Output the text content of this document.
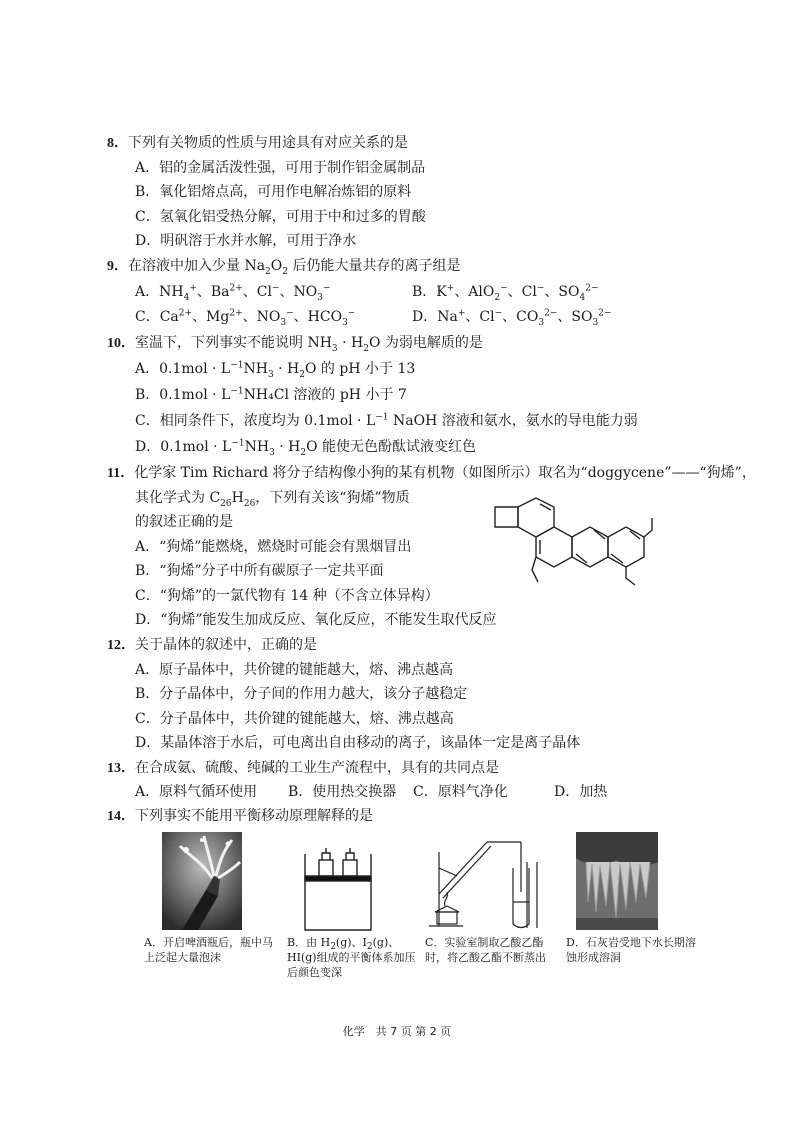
8．下列有关物质的性质与用途具有对应关系的是
A．铝的金属活泼性强，可用于制作铝金属制品
B．氧化铝熔点高，可用作电解冶炼铝的原料
C．氢氧化铝受热分解，可用于中和过多的胃酸
D．明矾溶于水并水解，可用于净水
9．在溶液中加入少量 $Na_2O_2$ 后仍能大量共存的离子组是
A．$NH_4^+$、$Ba^{2+}$、Cl−、$NO_3^-$	B．K+、AlO$_2$−、Cl−、$SO_4^{2-}$
C．$Ca^{2+}$、$Mg^{2+}$、$NO_3^-$、$HCO_3^-$	D．Na+、Cl−、$CO_3^{2-}$、$SO_3^{2-}$
10．室温下，下列事实不能说明 $NH_3 \cdot H_2O$ 为弱电解质的是
A．$0.1mol \cdot L^{-1}NH_3 \cdot H_2O$ 的 pH 小于 13
B．$0.1mol \cdot L^{-1}NH_4Cl$ 溶液的 pH 小于 7
C．相同条件下，浓度均为 $0.1mol \cdot L^{-1}$ NaOH 溶液和氨水，氨水的导电能力弱
D．$0.1mol \cdot L^{-1}NH_3 \cdot H_2O$ 能使无色酚酞试液变红色
11．化学家 Tim Richard 将分子结构像小狗的某有机物（如图所示）取名为“doggycene”——“狗烯”，
其化学式为 $C_{26}H_{26}$，下列有关该“狗烯”物质
的叙述正确的是
A．“狗烯”能燃烧，燃烧时可能会有黑烟冒出
B．“狗烯”分子中所有碳原子一定共平面
C．“狗烯”的一氯代物有 14 种（不含立体异构）
D．“狗烯”能发生加成反应、氧化反应，不能发生取代反应
12．关于晶体的叙述中，正确的是
A．原子晶体中，共价键的键能越大，熔、沸点越高
B．分子晶体中，分子间的作用力越大，该分子越稳定
C．分子晶体中，共价键的键能越大，熔、沸点越高
D．某晶体溶于水后，可电离出自由移动的离子，该晶体一定是离子晶体
13．在合成氨、硫酸、纯碱的工业生产流程中，具有的共同点是
A．原料气循环使用 B．使用热交换器 C．原料气净化	D．加热
14．下列事实不能用平衡移动原理解释的是
A．开启啤酒瓶后，瓶中马上泛起大量泡沫
B．由 $H_2(g)$、$I_2(g)$、HI(g)组成的平衡体系加压后颜色变深
C．实验室制取乙酸乙酯时，将乙酸乙酯不断蒸出
D．石灰岩受地下水长期溶蚀形成溶洞
化学　共 7 页 第 2 页
